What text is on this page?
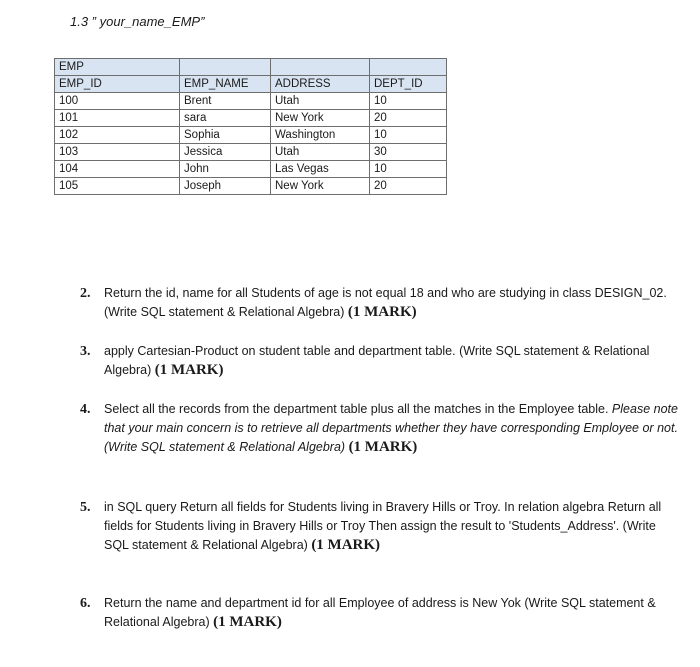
1.3 ” your_name_EMP”
EMP			
EMP_ID	EMP_NAME	ADDRESS	DEPT_ID
100	Brent	Utah	10
101	sara	New York	20
102	Sophia	Washington	10
103	Jessica	Utah	30
104	John	Las Vegas	10
105	Joseph	New York	20
2.	Return the id, name for all Students of age is not equal 18 and who are studying in class DESIGN_02. (Write SQL statement & Relational Algebra) (1 MARK)
3.	apply Cartesian-Product on student table and department table. (Write SQL statement & Relational Algebra) (1 MARK)
4.	Select all the records from the department table plus all the matches in the Employee table. Please note that your main concern is to retrieve all departments whether they have corresponding Employee or not. (Write SQL statement & Relational Algebra) (1 MARK)
5.	in SQL query Return all fields for Students living in Bravery Hills or Troy. In relation algebra Return all fields for Students living in Bravery Hills or Troy Then assign the result to 'Students_Address'. (Write SQL statement & Relational Algebra) (1 MARK)
6.	Return the name and department id for all Employee of address is New Yok (Write SQL statement & Relational Algebra) (1 MARK)
